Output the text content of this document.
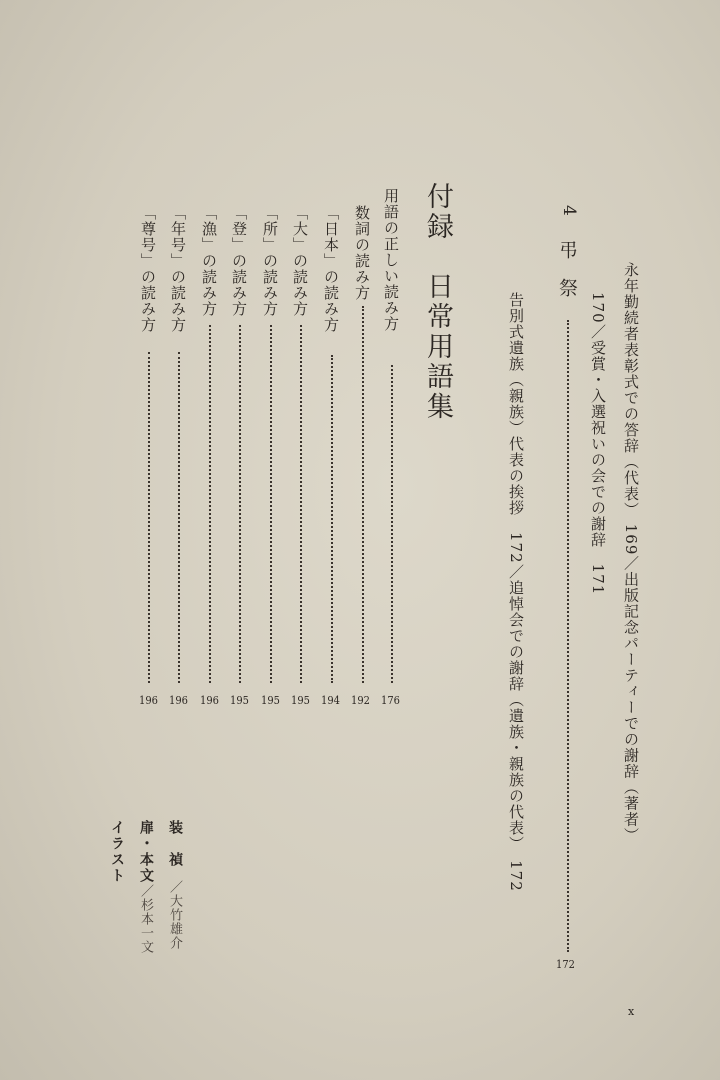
4
弔　祭
172
永年勤続者表彰式での答辞（代表） 169／出版記念パーティーでの謝辞（著者）
170／受賞・入選祝いの会での謝辞　171
告別式遺族（親族）代表の挨拶　172／追悼会での謝辞（遺族・親族の代表）　172
付録　日常用語集
用語の正しい読み方
176
数詞の読み方
192
「日本」の読み方
194
「大」の読み方
195
「所」の読み方
195
「登」の読み方
195
「漁」の読み方
196
「年号」の読み方
196
「尊号」の読み方
196
装　禎
／大竹雄介
扉・本文
／杉本一文
イラスト
x
